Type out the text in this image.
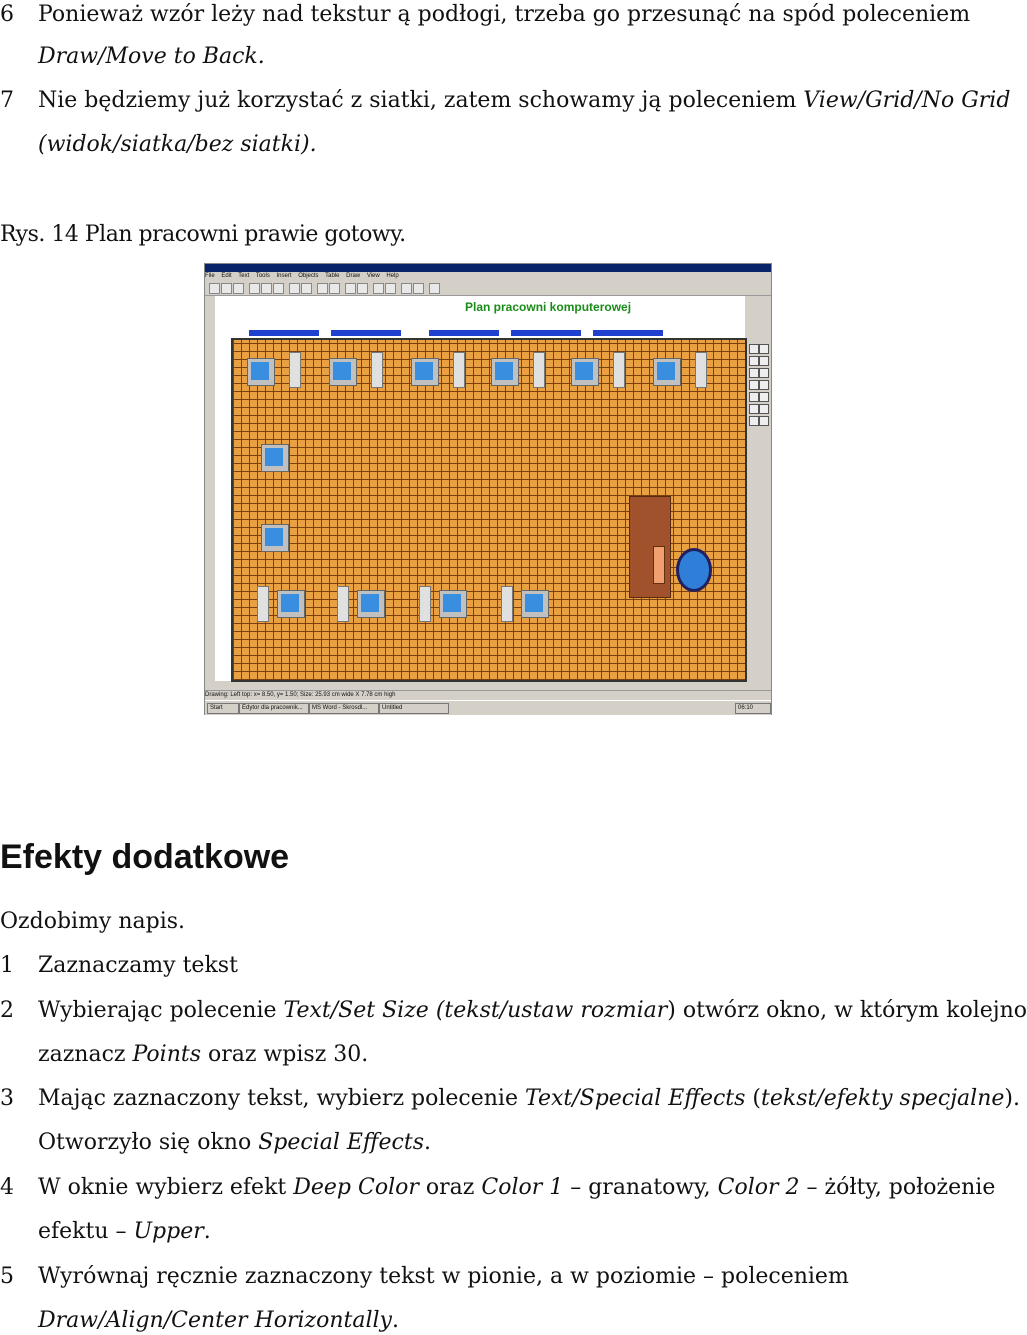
6 Ponieważ wzór leży nad tekstur ą podłogi, trzeba go przesunąć na spód poleceniem
Draw/Move to Back.
7 Nie będziemy już korzystać z siatki, zatem schowamy ją poleceniem View/Grid/No Grid
(widok/siatka/bez siatki).
Rys. 14 Plan pracowni prawie gotowy.
File Edit Text Tools Insert Objects Table Draw View Help
Plan pracowni komputerowej
Drawing: Left top: x= 8.50, y= 1.50; Size: 25.93 cm wide X 7.78 cm high
Start	Edytor dla pracownik...	MS Word - Skrosdl...	Untitled	06:10
Efekty dodatkowe
Ozdobimy napis.
1 Zaznaczamy tekst
2 Wybierając polecenie Text/Set Size (tekst/ustaw rozmiar) otwórz okno, w którym kolejno
zaznacz Points oraz wpisz 30.
3 Mając zaznaczony tekst, wybierz polecenie Text/Special Effects (tekst/efekty specjalne).
Otworzyło się okno Special Effects.
4 W oknie wybierz efekt Deep Color oraz Color 1 – granatowy, Color 2 – żółty, położenie
efektu – Upper.
5 Wyrównaj ręcznie zaznaczony tekst w pionie, a w poziomie – poleceniem
Draw/Align/Center Horizontally.
